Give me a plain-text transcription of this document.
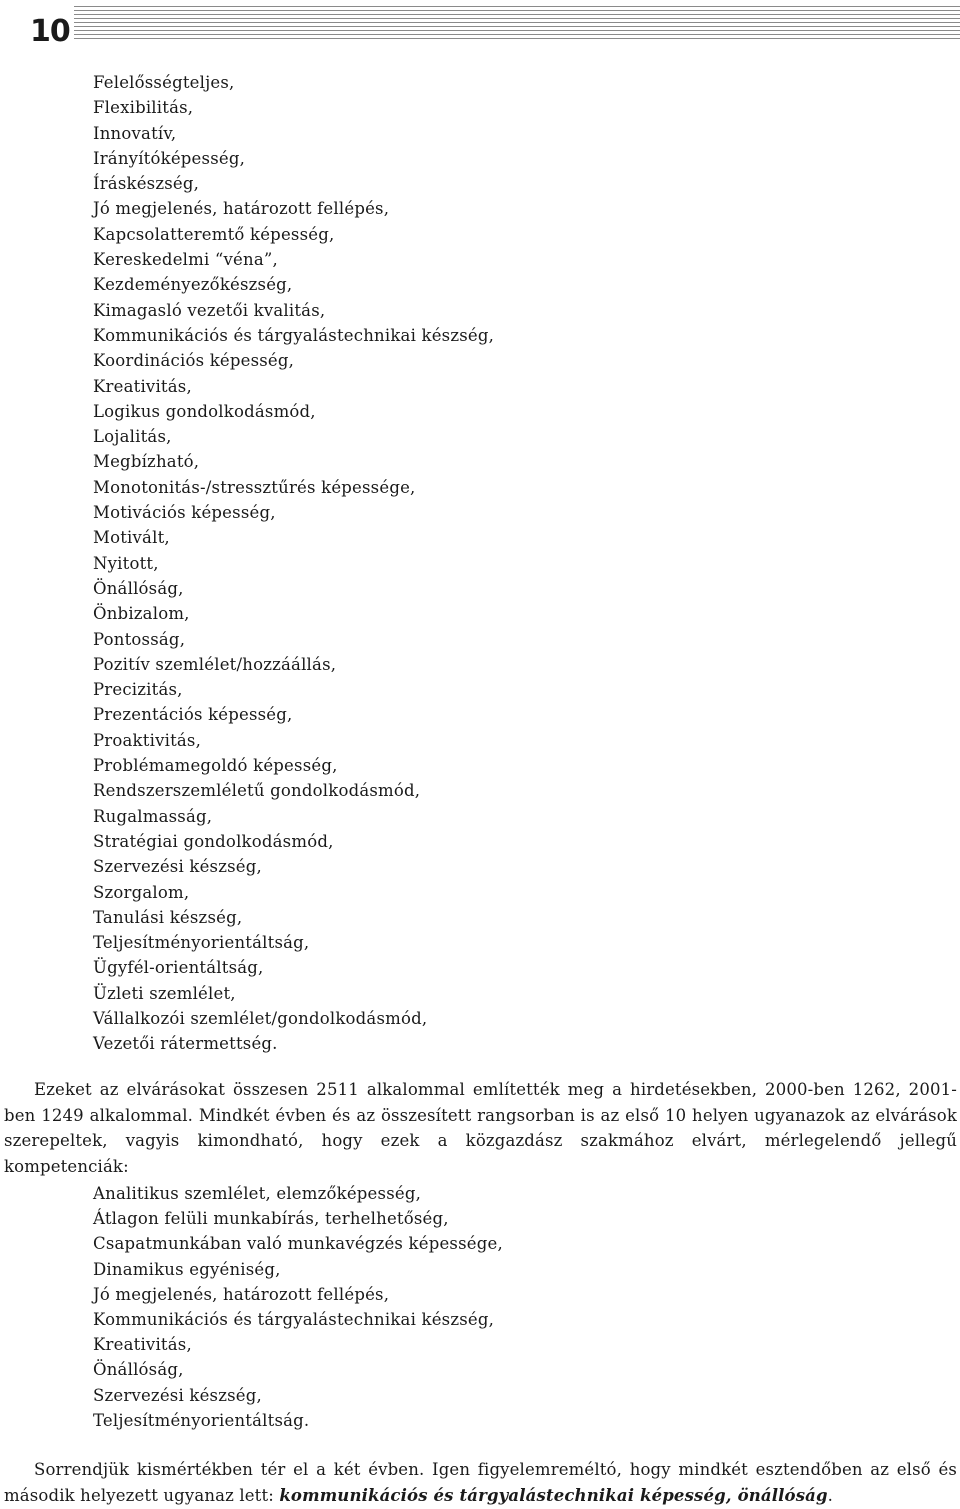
10
Felelősségteljes,
Flexibilitás,
Innovatív,
Irányítóképesség,
Íráskészség,
Jó megjelenés, határozott fellépés,
Kapcsolatteremtő képesség,
Kereskedelmi “véna”,
Kezdeményezőkészség,
Kimagasló vezetői kvalitás,
Kommunikációs és tárgyalástechnikai készség,
Koordinációs képesség,
Kreativitás,
Logikus gondolkodásmód,
Lojalitás,
Megbízható,
Monotonitás-/stressztűrés képessége,
Motivációs képesség,
Motivált,
Nyitott,
Önállóság,
Önbizalom,
Pontosság,
Pozitív szemlélet/hozzáállás,
Precizitás,
Prezentációs képesség,
Proaktivitás,
Problémamegoldó képesség,
Rendszerszemléletű gondolkodásmód,
Rugalmasság,
Stratégiai gondolkodásmód,
Szervezési készség,
Szorgalom,
Tanulási készség,
Teljesítményorientáltság,
Ügyfél-orientáltság,
Üzleti szemlélet,
Vállalkozói szemlélet/gondolkodásmód,
Vezetői rátermettség.

Ezeket az elvárásokat összesen 2511 alkalommal említették meg a hirdetésekben, 2000-ben 1262, 2001-ben 1249 alkalommal. Mindkét évben és az összesített rangsorban is az első 10 helyen ugyanazok az elvárások szerepeltek, vagyis kimondható, hogy ezek a közgazdász szakmához elvárt, mérlegelendő jellegű kompetenciák:

Analitikus szemlélet, elemzőképesség,
Átlagon felüli munkabírás, terhelhetőség,
Csapatmunkában való munkavégzés képessége,
Dinamikus egyéniség,
Jó megjelenés, határozott fellépés,
Kommunikációs és tárgyalástechnikai készség,
Kreativitás,
Önállóság,
Szervezési készség,
Teljesítményorientáltság.

Sorrendjük kismértékben tér el a két évben. Igen figyelemreméltó, hogy mindkét esztendőben az első és második helyezett ugyanaz lett: kommunikációs és tárgyalástechnikai képesség, önállóság.
